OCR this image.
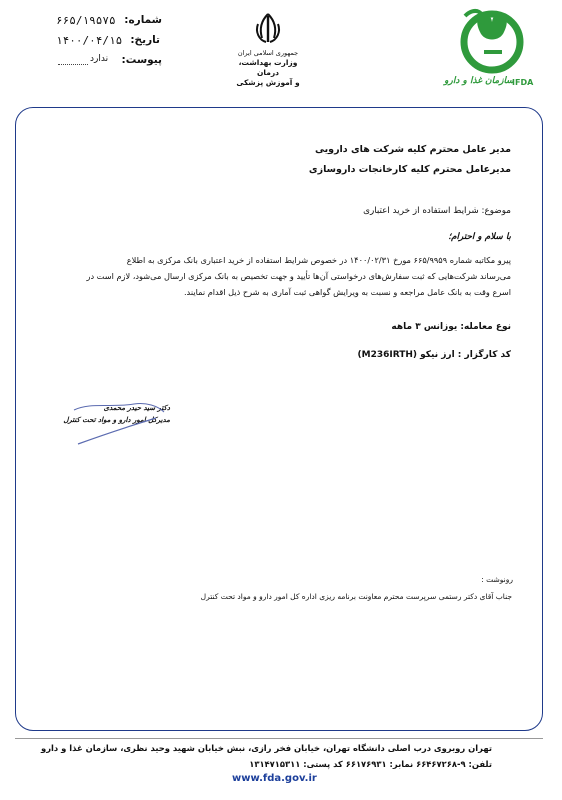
سازمان غذا و دارو
IFDA
جمهوری اسلامی ایران
وزارت بهداشت، درمان
و آموزش پزشکی
شماره:
۶۶۵/۱۹۵۷۵
تاریخ:
۱۴۰۰/۰۴/۱۵
پیوست:
ندارد
مدیر عامل محترم کلیه شرکت های دارویی
مدیرعامل محترم کلیه کارخانجات داروسازی
موضوع: شرایط استفاده از خرید اعتباری
با سلام و احترام؛
پیرو مکاتبه شماره ۶۶۵/۹۹۵۹ مورخ ۱۴۰۰/۰۲/۳۱ در خصوص شرایط استفاده از خرید اعتباری بانک مرکزی به اطلاع
می‌رساند شرکت‌هایی که ثبت سفارش‌های درخواستی آن‌ها تأیید و جهت تخصیص به بانک مرکزی ارسال می‌شود، لازم است در
اسرع وقت به بانک عامل مراجعه و نسبت به ویرایش گواهی ثبت آماری به شرح ذیل اقدام نمایند.
نوع معامله: یوزانس ۳ ماهه
کد کارگزار : ارز نیکو (M236IRTH)
دکتر سید حیدر محمدی
مدیرکل امور دارو و مواد تحت کنترل
رونوشت :
جناب آقای دکتر رستمی سرپرست محترم معاونت برنامه ریزی اداره کل امور دارو و مواد تحت کنترل
تهران روبروی درب اصلی دانشگاه تهران، خیابان فخر رازی، نبش خیابان شهید وحید نظری، سازمان غذا و دارو
تلفن: ۹-۶۶۴۶۷۲۶۸ نمابر: ۶۶۱۷۶۹۳۱ کد پستی: ۱۳۱۴۷۱۵۳۱۱
www.fda.gov.ir
